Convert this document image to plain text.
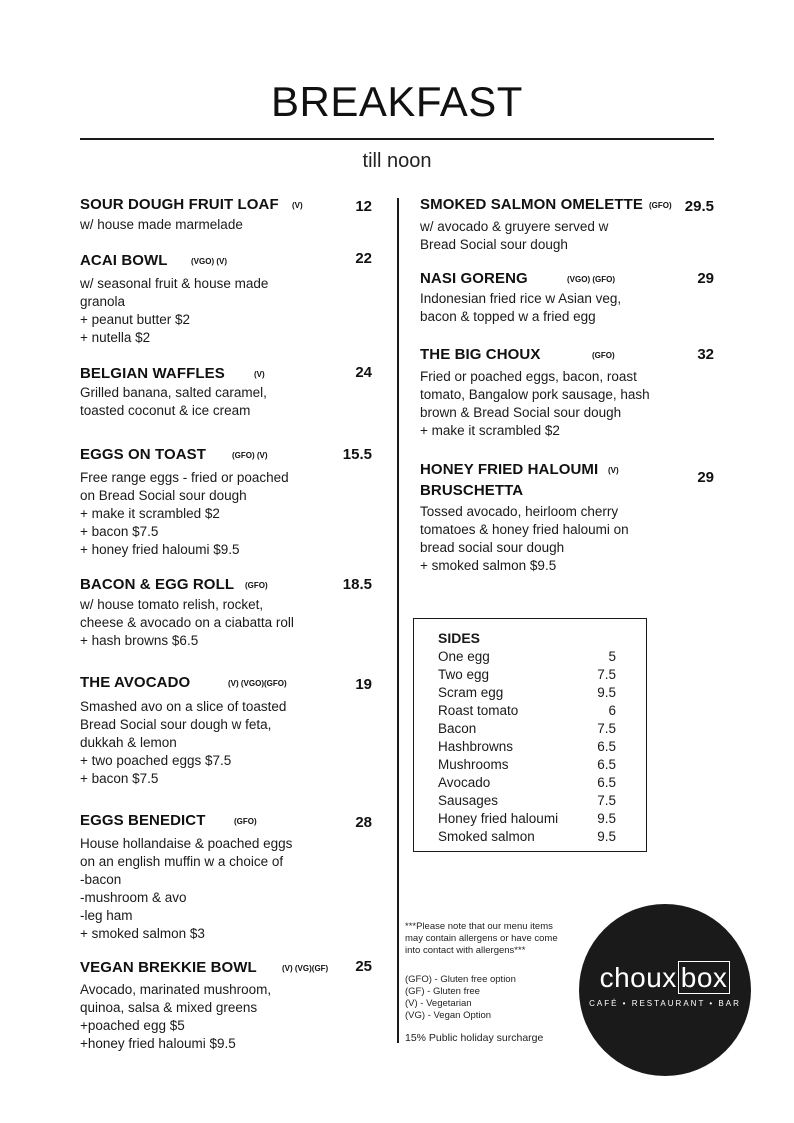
BREAKFAST
till noon
SOUR DOUGH FRUIT LOAF (V)	12
w/ house made marmelade
ACAI BOWL	(VGO) (V)	22
w/ seasonal fruit & house made
granola
+ peanut butter $2
+ nutella $2
BELGIAN WAFFLES	(V)	24
Grilled banana, salted caramel,
toasted coconut & ice cream
EGGS ON TOAST	(GFO) (V)	15.5
Free range eggs - fried or poached
on Bread Social sour dough
+ make it scrambled $2
+ bacon $7.5
+ honey fried haloumi $9.5
BACON & EGG ROLL (GFO)	18.5
w/ house tomato relish, rocket,
cheese & avocado on a ciabatta roll
+ hash browns $6.5
THE AVOCADO	(V) (VGO)(GFO)	19
Smashed avo on a slice of toasted
Bread Social sour dough w feta,
dukkah & lemon
+ two poached eggs $7.5
+ bacon $7.5
EGGS BENEDICT	(GFO)	28
House hollandaise & poached eggs
on an english muffin w a choice of
-bacon
-mushroom & avo
-leg ham
+ smoked salmon $3
VEGAN BREKKIE BOWL	(V) (VG)(GF)	25
Avocado, marinated mushroom,
quinoa, salsa & mixed greens
+poached egg $5
+honey fried haloumi $9.5
SMOKED SALMON OMELETTE (GFO) 29.5
w/ avocado & gruyere served w
Bread Social sour dough
NASI GORENG	(VGO) (GFO)	29
Indonesian fried rice w Asian veg,
bacon & topped w a fried egg
THE BIG CHOUX	(GFO)	32
Fried or poached eggs, bacon, roast
tomato, Bangalow pork sausage, hash
brown & Bread Social sour dough
+ make it scrambled $2
HONEY FRIED HALOUMI
BRUSCHETTA
(V)	29
Tossed avocado, heirloom cherry
tomatoes & honey fried haloumi on
bread social sour dough
+ smoked salmon $9.5
SIDES
One egg	5
Two egg	7.5
Scram egg	9.5
Roast tomato	6
Bacon	7.5
Hashbrowns	6.5
Mushrooms	6.5
Avocado	6.5
Sausages	7.5
Honey fried haloumi	9.5
Smoked salmon	9.5
***Please note that our menu items
may contain allergens or have come
into contact with allergens***
(GFO) - Gluten free option
(GF) - Gluten free
(V) - Vegetarian
(VG) - Vegan Option
15% Public holiday surcharge
choux box
CAFÉ • RESTAURANT • BAR
